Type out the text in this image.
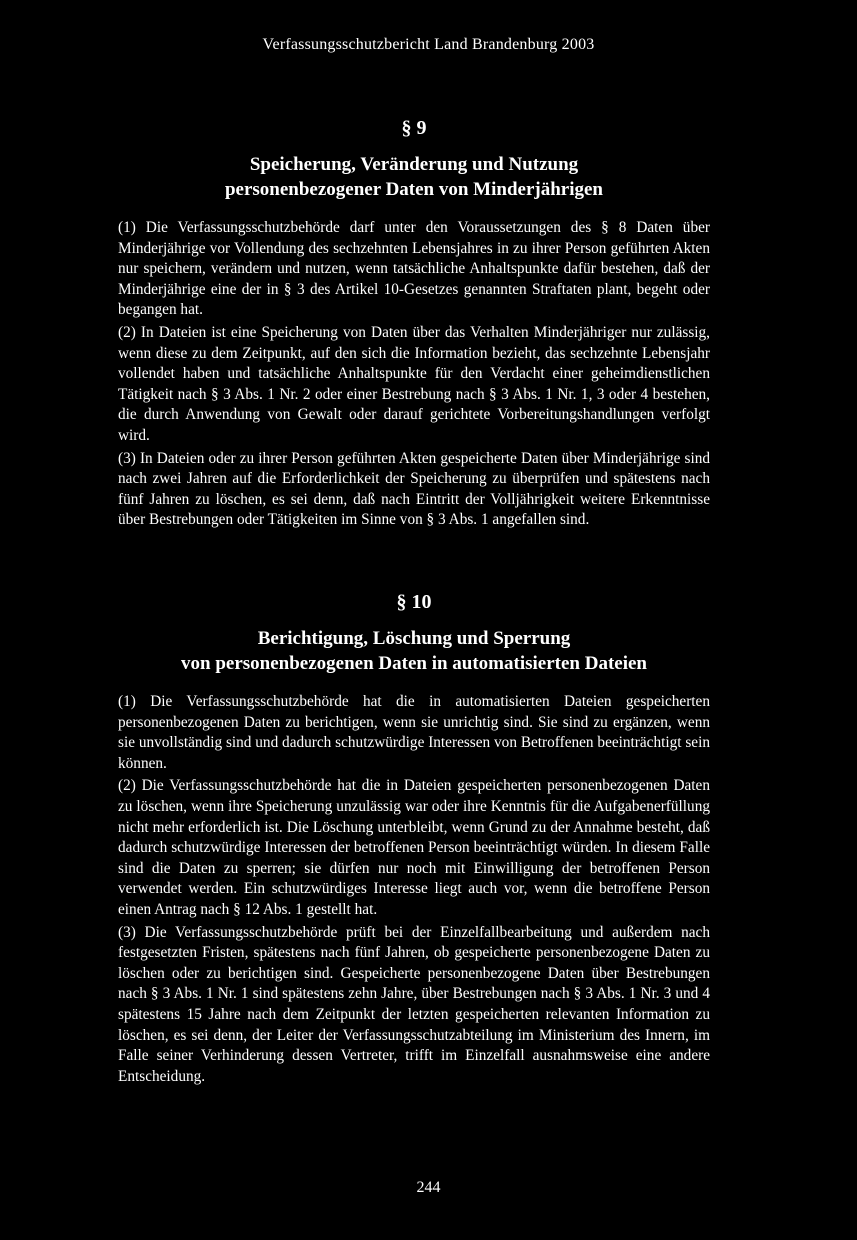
Verfassungsschutzbericht Land Brandenburg 2003
§ 9
Speicherung, Veränderung und Nutzung
personenbezogener Daten von Minderjährigen

(1) Die Verfassungsschutzbehörde darf unter den Voraussetzungen des § 8 Daten über Minderjährige vor Vollendung des sechzehnten Lebensjahres in zu ihrer Person geführten Akten nur speichern, verändern und nutzen, wenn tatsächliche Anhaltspunkte dafür bestehen, daß der Minderjährige eine der in § 3 des Artikel 10-Gesetzes genannten Straftaten plant, begeht oder begangen hat.

(2) In Dateien ist eine Speicherung von Daten über das Verhalten Minderjähriger nur zulässig, wenn diese zu dem Zeitpunkt, auf den sich die Information bezieht, das sechzehnte Lebensjahr vollendet haben und tatsächliche Anhaltspunkte für den Verdacht einer geheimdienstlichen Tätigkeit nach § 3 Abs. 1 Nr. 2 oder einer Bestrebung nach § 3 Abs. 1 Nr. 1, 3 oder 4 bestehen, die durch Anwendung von Gewalt oder darauf gerichtete Vorbereitungshandlungen verfolgt wird.

(3) In Dateien oder zu ihrer Person geführten Akten gespeicherte Daten über Minderjährige sind nach zwei Jahren auf die Erforderlichkeit der Speicherung zu überprüfen und spätestens nach fünf Jahren zu löschen, es sei denn, daß nach Eintritt der Volljährigkeit weitere Erkenntnisse über Bestrebungen oder Tätigkeiten im Sinne von § 3 Abs. 1 angefallen sind.

§ 10
Berichtigung, Löschung und Sperrung
von personenbezogenen Daten in automatisierten Dateien

(1) Die Verfassungsschutzbehörde hat die in automatisierten Dateien gespeicherten personenbezogenen Daten zu berichtigen, wenn sie unrichtig sind. Sie sind zu ergänzen, wenn sie unvollständig sind und dadurch schutzwürdige Interessen von Betroffenen beeinträchtigt sein können.

(2) Die Verfassungsschutzbehörde hat die in Dateien gespeicherten personenbezogenen Daten zu löschen, wenn ihre Speicherung unzulässig war oder ihre Kenntnis für die Aufgabenerfüllung nicht mehr erforderlich ist. Die Löschung unterbleibt, wenn Grund zu der Annahme besteht, daß dadurch schutzwürdige Interessen der betroffenen Person beeinträchtigt würden. In diesem Falle sind die Daten zu sperren; sie dürfen nur noch mit Einwilligung der betroffenen Person verwendet werden. Ein schutzwürdiges Interesse liegt auch vor, wenn die betroffene Person einen Antrag nach § 12 Abs. 1 gestellt hat.

(3) Die Verfassungsschutzbehörde prüft bei der Einzelfallbearbeitung und außerdem nach festgesetzten Fristen, spätestens nach fünf Jahren, ob gespeicherte personenbezogene Daten zu löschen oder zu berichtigen sind. Gespeicherte personenbezogene Daten über Bestrebungen nach § 3 Abs. 1 Nr. 1 sind spätestens zehn Jahre, über Bestrebungen nach § 3 Abs. 1 Nr. 3 und 4 spätestens 15 Jahre nach dem Zeitpunkt der letzten gespeicherten relevanten Information zu löschen, es sei denn, der Leiter der Verfassungsschutzabteilung im Ministerium des Innern, im Falle seiner Verhinderung dessen Vertreter, trifft im Einzelfall ausnahmsweise eine andere Entscheidung.

244
